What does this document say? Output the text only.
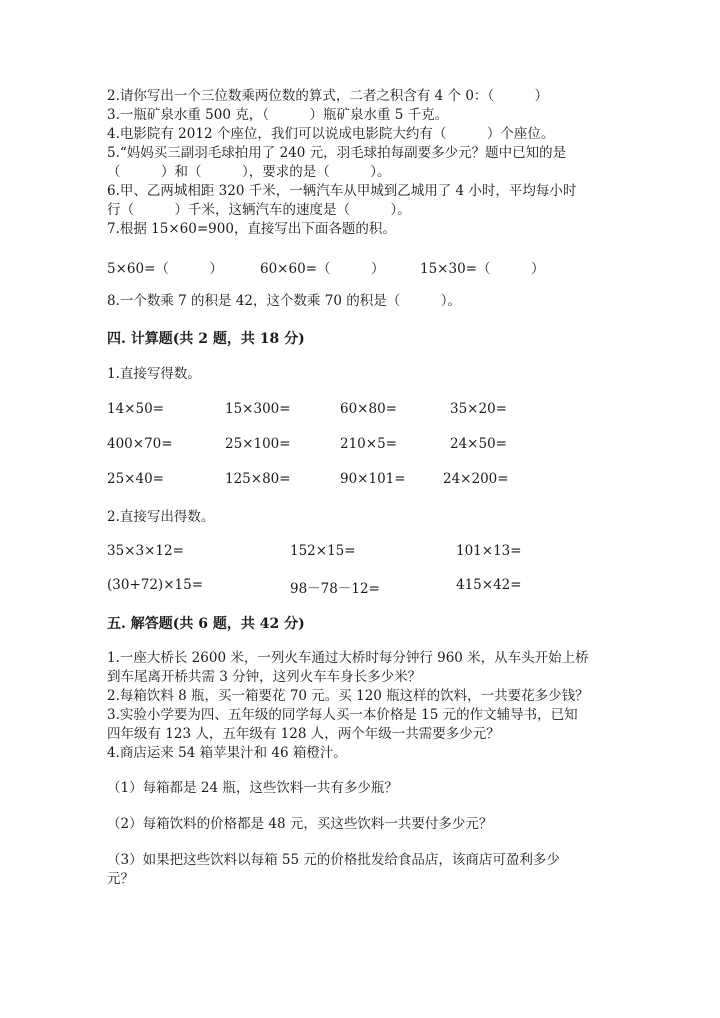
2.请你写出一个三位数乘两位数的算式，二者之积含有 4 个 0：（　　　）
3.一瓶矿泉水重 500 克，（　　　）瓶矿泉水重 5 千克。
4.电影院有 2012 个座位，我们可以说成电影院大约有（　　　）个座位。
5.“妈妈买三副羽毛球拍用了 240 元，羽毛球拍每副要多少元？题中已知的是
（　　　）和（　　　），要求的是（　　　）。
6.甲、乙两城相距 320 千米，一辆汽车从甲城到乙城用了 4 小时，平均每小时
行（　　　）千米，这辆汽车的速度是（　　　）。
7.根据 15×60=900，直接写出下面各题的积。
5×60=（　　　）	60×60=（　　　）	15×30=（　　　）
8.一个数乘 7 的积是 42，这个数乘 70 的积是（　　　）。
四. 计算题(共 2 题，共 18 分)
1.直接写得数。
14×50=	15×300=	60×80=	35×20=
400×70=	25×100=	210×5=	24×50=
25×40=	125×80=	90×101=	24×200=
2.直接写出得数。
35×3×12=	152×15=	101×13=
(30+72)×15=	98－78－12=	415×42=
五. 解答题(共 6 题，共 42 分)
1.一座大桥长 2600 米，一列火车通过大桥时每分钟行 960 米，从车头开始上桥
到车尾离开桥共需 3 分钟，这列火车车身长多少米？
2.每箱饮料 8 瓶，买一箱要花 70 元。买 120 瓶这样的饮料，一共要花多少钱？
3.实验小学要为四、五年级的同学每人买一本价格是 15 元的作文辅导书，已知
四年级有 123 人，五年级有 128 人，两个年级一共需要多少元？
4.商店运来 54 箱苹果汁和 46 箱橙汁。
（1）每箱都是 24 瓶，这些饮料一共有多少瓶？
（2）每箱饮料的价格都是 48 元，买这些饮料一共要付多少元？
（3）如果把这些饮料以每箱 55 元的价格批发给食品店，该商店可盈利多少
元？
